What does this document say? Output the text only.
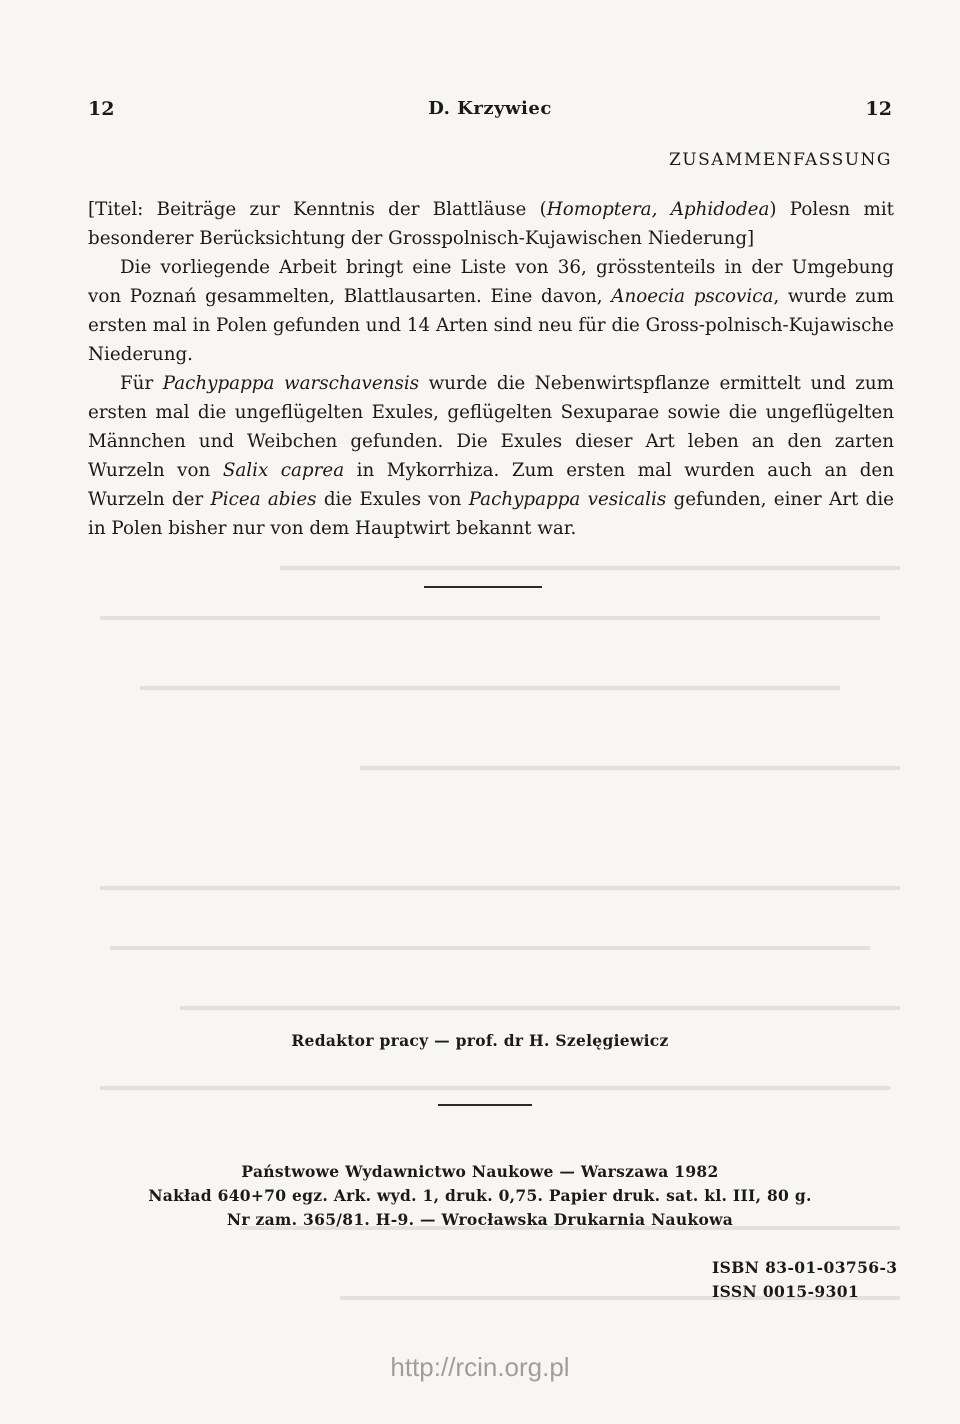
12	D. Krzywiec	12
ZUSAMMENFASSUNG

[Titel: Beiträge zur Kenntnis der Blattläuse (Homoptera, Aphidodea) Polesn mit besonderer Berücksichtung der Grosspolnisch-Kujawischen Niederung]

Die vorliegende Arbeit bringt eine Liste von 36, grösstenteils in der Umgebung von Poznań gesammelten, Blattlausarten. Eine davon, Anoecia pscovica, wurde zum ersten mal in Polen gefunden und 14 Arten sind neu für die Gross-polnisch-Kujawische Niederung.

Für Pachypappa warschavensis wurde die Nebenwirtspflanze ermittelt und zum ersten mal die ungeflügelten Exules, geflügelten Sexuparae sowie die ungeflügelten Männchen und Weibchen gefunden. Die Exules dieser Art leben an den zarten Wurzeln von Salix caprea in Mykorrhiza. Zum ersten mal wurden auch an den Wurzeln der Picea abies die Exules von Pachypappa vesicalis gefunden, einer Art die in Polen bisher nur von dem Hauptwirt bekannt war.

Redaktor pracy — prof. dr H. Szelęgiewicz
Państwowe Wydawnictwo Naukowe — Warszawa 1982
Nakład 640+70 egz. Ark. wyd. 1, druk. 0,75. Papier druk. sat. kl. III, 80 g.
Nr zam. 365/81. H-9. — Wrocławska Drukarnia Naukowa
ISBN 83-01-03756-3
ISSN 0015-9301
http://rcin.org.pl
